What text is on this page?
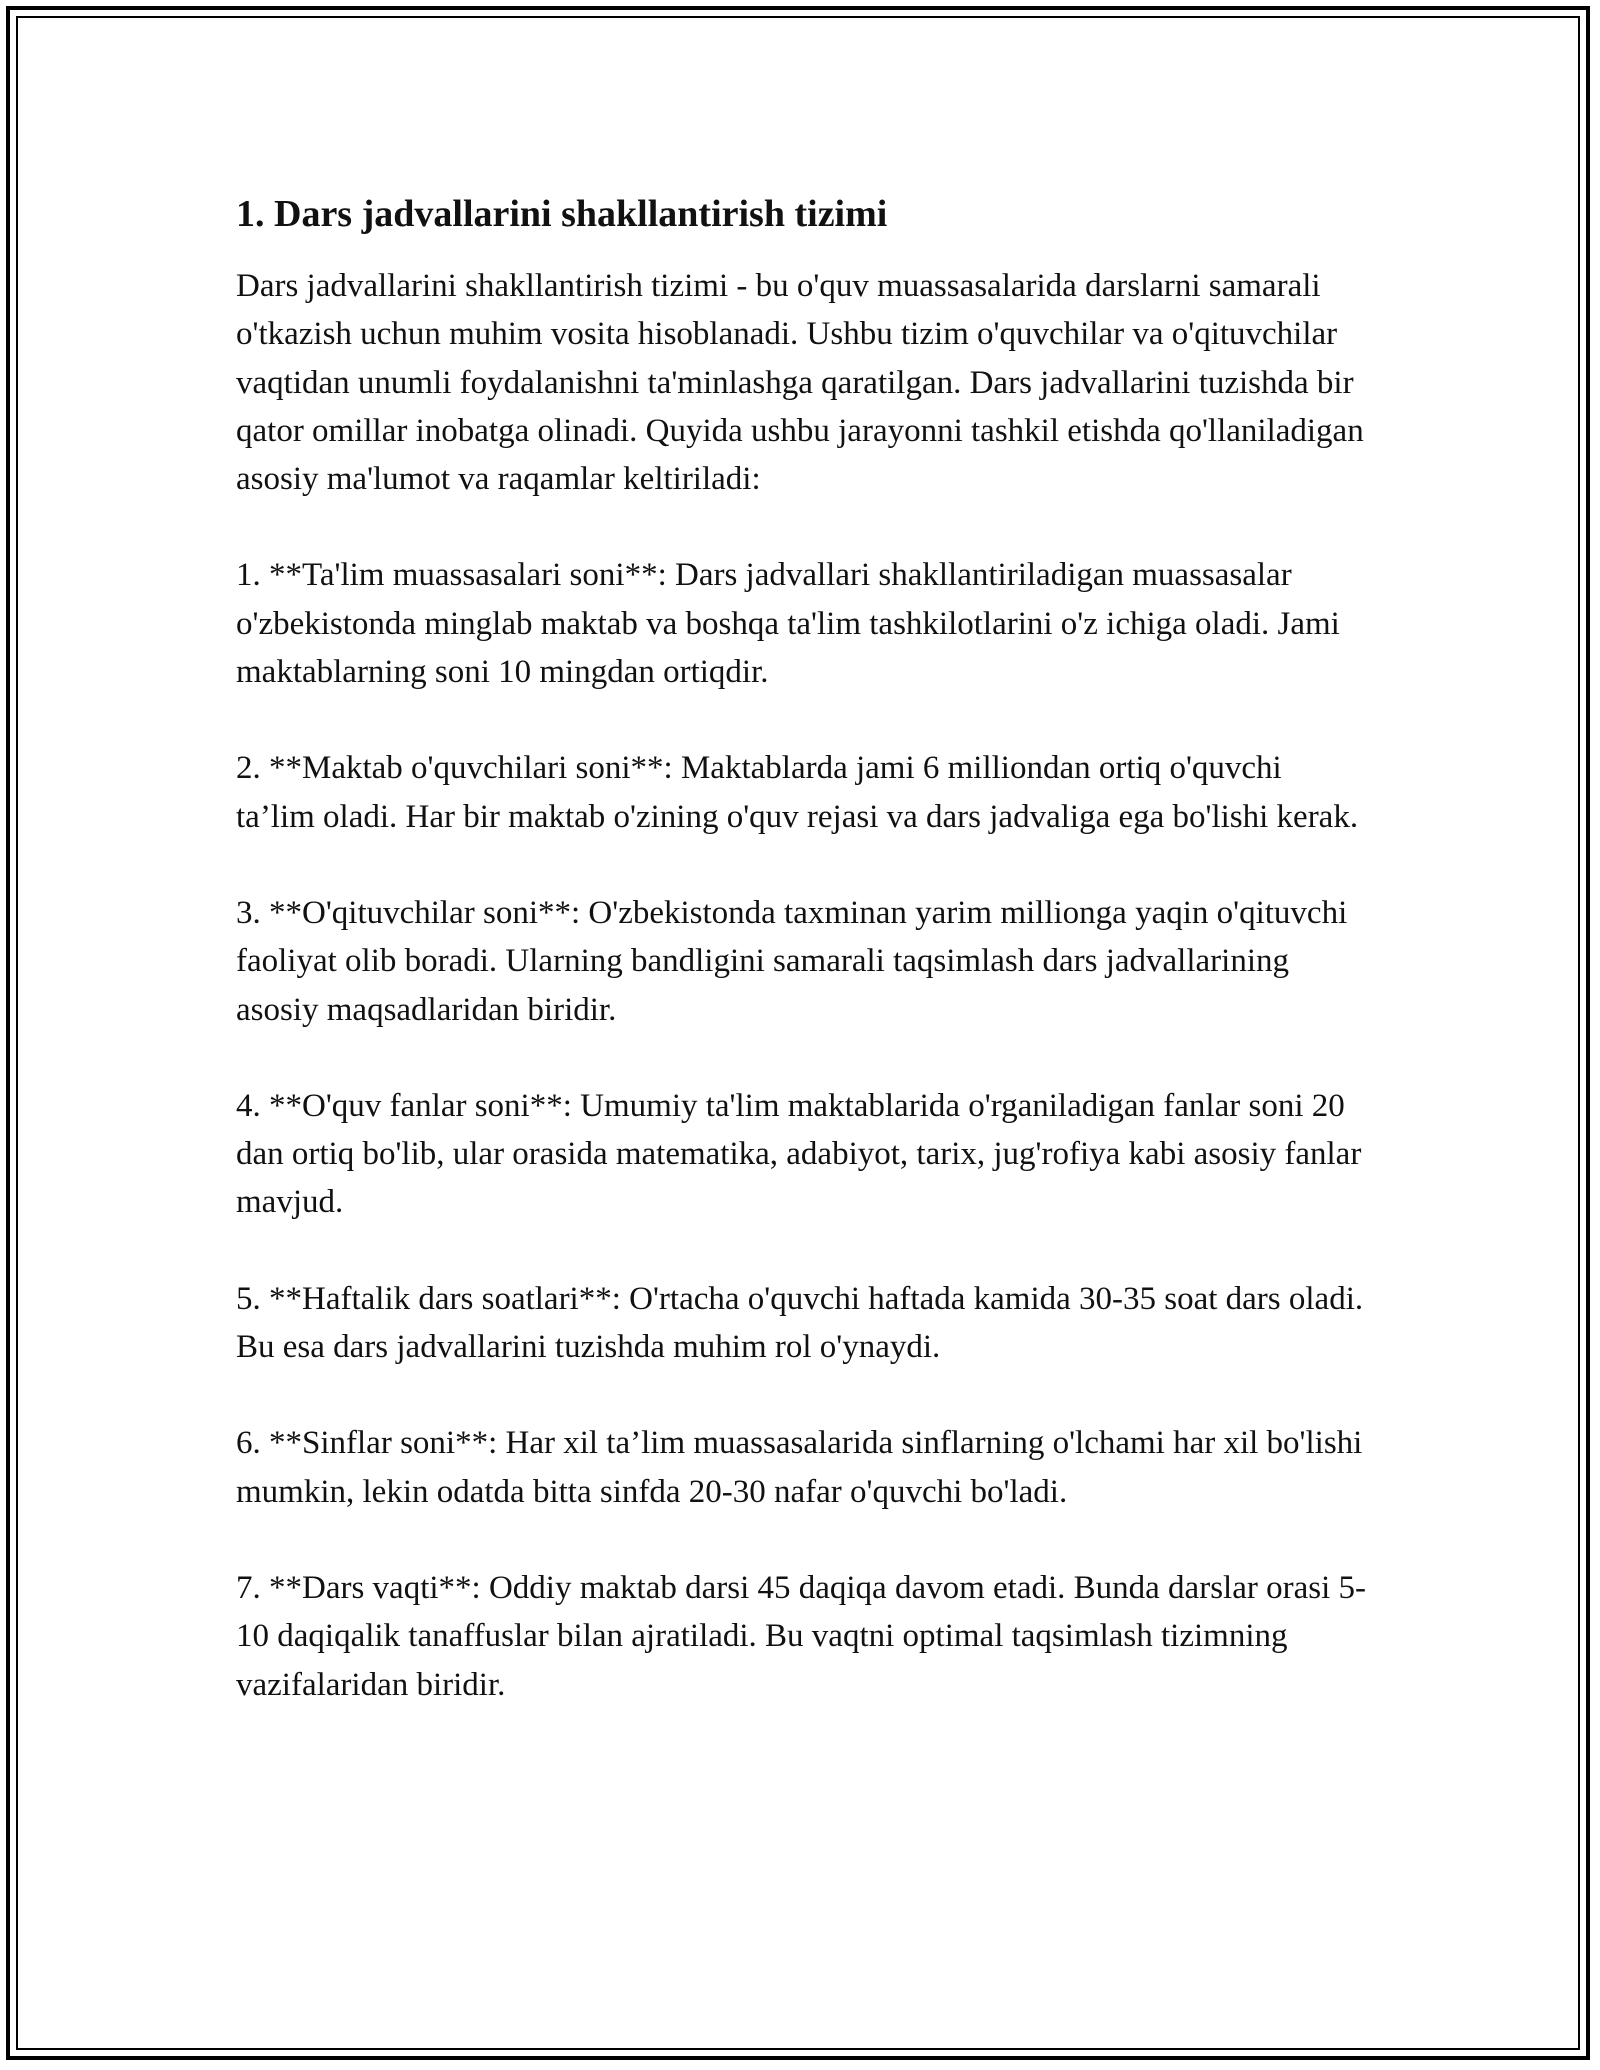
1. Dars jadvallarini shakllantirish tizimi

Dars jadvallarini shakllantirish tizimi - bu o'quv muassasalarida darslarni samarali o'tkazish uchun muhim vosita hisoblanadi. Ushbu tizim o'quvchilar va o'qituvchilar vaqtidan unumli foydalanishni ta'minlashga qaratilgan. Dars jadvallarini tuzishda bir qator omillar inobatga olinadi. Quyida ushbu jarayonni tashkil etishda qo'llaniladigan asosiy ma'lumot va raqamlar keltiriladi:

1. **Ta'lim muassasalari soni**: Dars jadvallari shakllantiriladigan muassasalar o'zbekistonda minglab maktab va boshqa ta'lim tashkilotlarini o'z ichiga oladi. Jami maktablarning soni 10 mingdan ortiqdir.

2. **Maktab o'quvchilari soni**: Maktablarda jami 6 milliondan ortiq o'quvchi ta’lim oladi. Har bir maktab o'zining o'quv rejasi va dars jadvaliga ega bo'lishi kerak.

3. **O'qituvchilar soni**: O'zbekistonda taxminan yarim millionga yaqin o'qituvchi faoliyat olib boradi. Ularning bandligini samarali taqsimlash dars jadvallarining asosiy maqsadlaridan biridir.

4. **O'quv fanlar soni**: Umumiy ta'lim maktablarida o'rganiladigan fanlar soni 20 dan ortiq bo'lib, ular orasida matematika, adabiyot, tarix, jug'rofiya kabi asosiy fanlar mavjud.

5. **Haftalik dars soatlari**: O'rtacha o'quvchi haftada kamida 30-35 soat dars oladi. Bu esa dars jadvallarini tuzishda muhim rol o'ynaydi.

6. **Sinflar soni**: Har xil ta’lim muassasalarida sinflarning o'lchami har xil bo'lishi mumkin, lekin odatda bitta sinfda 20-30 nafar o'quvchi bo'ladi.

7. **Dars vaqti**: Oddiy maktab darsi 45 daqiqa davom etadi. Bunda darslar orasi 5-10 daqiqalik tanaffuslar bilan ajratiladi. Bu vaqtni optimal taqsimlash tizimning vazifalaridan biridir.
